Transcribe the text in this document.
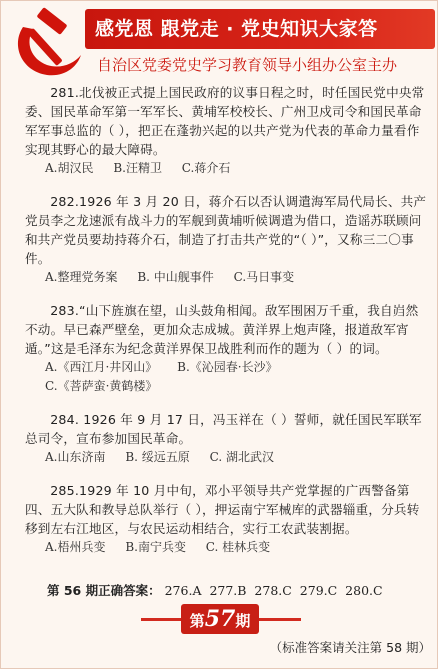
感党恩 跟党走 · 党史知识大家答
自治区党委党史学习教育领导小组办公室主办
281.北伐被正式提上国民政府的议事日程之时，时任国民党中央常委、国民革命军第一军军长、黄埔军校校长、广州卫戍司令和国民革命军军事总监的（ ），把正在蓬勃兴起的以共产党为代表的革命力量看作实现其野心的最大障碍。
A.胡汉民 B.汪精卫 C.蒋介石
282.1926 年 3 月 20 日，蒋介石以否认调遣海军局代局长、共产党员李之龙速派有战斗力的军舰到黄埔听候调遣为借口，造谣苏联顾问和共产党员要劫持蒋介石，制造了打击共产党的“（ ）”，又称三二〇事件。
A.整理党务案 B. 中山舰事件 C.马日事变
283.“山下旌旗在望，山头鼓角相闻。敌军围困万千重，我自岿然不动。早已森严壁垒，更加众志成城。黄洋界上炮声隆，报道敌军宵遁。”这是毛泽东为纪念黄洋界保卫战胜利而作的题为（ ）的词。
A.《西江月·井冈山》 B.《沁园春·长沙》
C.《菩萨蛮·黄鹤楼》
284. 1926 年 9 月 17 日，冯玉祥在（ ）誓师，就任国民军联军总司令，宣布参加国民革命。
A.山东济南 B. 绥远五原 C. 湖北武汉
285.1929 年 10 月中旬，邓小平领导共产党掌握的广西警备第四、五大队和教导总队举行（ ），押运南宁军械库的武器辎重，分兵转移到左右江地区，与农民运动相结合，实行工农武装割据。
A.梧州兵变 B.南宁兵变 C. 桂林兵变
第 56 期正确答案： 276.A 277.B 278.C 279.C 280.C
第57期
（标准答案请关注第 58 期）
